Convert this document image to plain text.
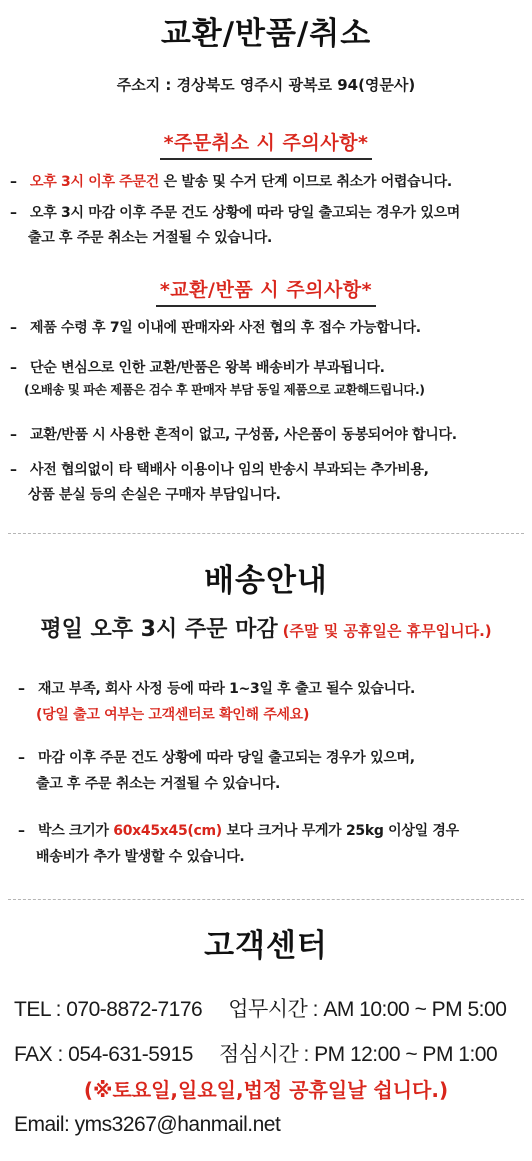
교환/반품/취소
주소지 : 경상북도 영주시 광복로 94(영문사)
*주문취소 시 주의사항*
– 오후 3시 이후 주문건 은 발송 및 수거 단계 이므로 취소가 어렵습니다.
– 오후 3시 마감 이후 주문 건도 상황에 따라 당일 출고되는 경우가 있으며
출고 후 주문 취소는 거절될 수 있습니다.
*교환/반품 시 주의사항*
– 제품 수령 후 7일 이내에 판매자와 사전 협의 후 접수 가능합니다.
– 단순 변심으로 인한 교환/반품은 왕복 배송비가 부과됩니다.
(오배송 및 파손 제품은 검수 후 판매자 부담 동일 제품으로 교환해드립니다.)
– 교환/반품 시 사용한 흔적이 없고, 구성품, 사은품이 동봉되어야 합니다.
– 사전 협의없이 타 택배사 이용이나 임의 반송시 부과되는 추가비용,
상품 분실 등의 손실은 구매자 부담입니다.
배송안내
평일 오후 3시 주문 마감 (주말 및 공휴일은 휴무입니다.)
– 재고 부족, 회사 사정 등에 따라 1~3일 후 출고 될수 있습니다.
(당일 출고 여부는 고객센터로 확인해 주세요)
– 마감 이후 주문 건도 상황에 따라 당일 출고되는 경우가 있으며,
출고 후 주문 취소는 거절될 수 있습니다.
– 박스 크기가 60x45x45(cm) 보다 크거나 무게가 25kg 이상일 경우
배송비가 추가 발생할 수 있습니다.
고객센터
TEL : 070-8872-7176 업무시간 : AM 10:00 ~ PM 5:00
FAX : 054-631-5915 점심시간 : PM 12:00 ~ PM 1:00
(※토요일,일요일,법정 공휴일날 쉽니다.)
Email: yms3267@hanmail.net
